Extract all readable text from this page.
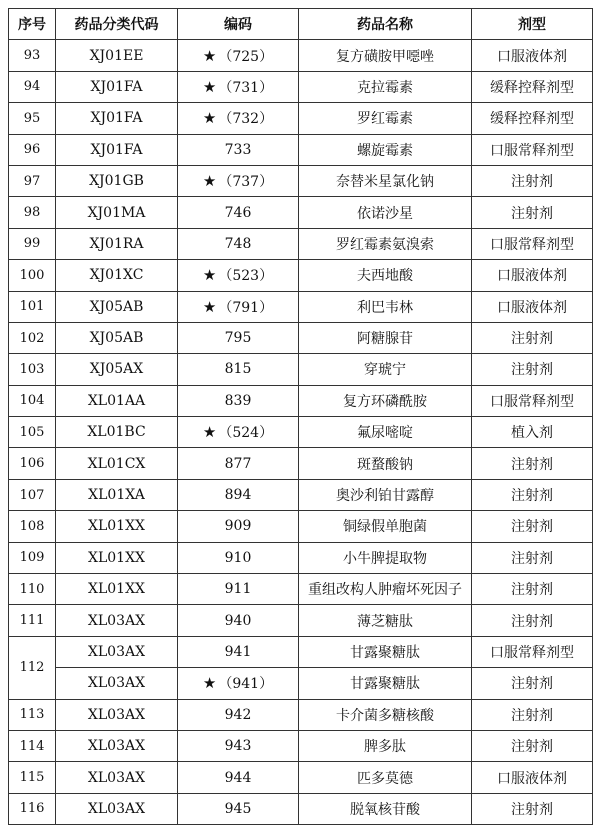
序号	药品分类代码	编码	药品名称	剂型
93	XJ01EE	★ （725）	复方磺胺甲噁唑	口服液体剂
94	XJ01FA	★ （731）	克拉霉素	缓释控释剂型
95	XJ01FA	★ （732）	罗红霉素	缓释控释剂型
96	XJ01FA	733	螺旋霉素	口服常释剂型
97	XJ01GB	★ （737）	奈替米星氯化钠	注射剂
98	XJ01MA	746	依诺沙星	注射剂
99	XJ01RA	748	罗红霉素氨溴索	口服常释剂型
100	XJ01XC	★ （523）	夫西地酸	口服液体剂
101	XJ05AB	★ （791）	利巴韦林	口服液体剂
102	XJ05AB	795	阿糖腺苷	注射剂
103	XJ05AX	815	穿琥宁	注射剂
104	XL01AA	839	复方环磷酰胺	口服常释剂型
105	XL01BC	★ （524）	氟尿嘧啶	植入剂
106	XL01CX	877	斑蝥酸钠	注射剂
107	XL01XA	894	奥沙利铂甘露醇	注射剂
108	XL01XX	909	铜绿假单胞菌	注射剂
109	XL01XX	910	小牛脾提取物	注射剂
110	XL01XX	911	重组改构人肿瘤坏死因子	注射剂
111	XL03AX	940	薄芝糖肽	注射剂
112	XL03AX	941	甘露聚糖肽	口服常释剂型
	XL03AX	★ （941）	甘露聚糖肽	注射剂
113	XL03AX	942	卡介菌多糖核酸	注射剂
114	XL03AX	943	脾多肽	注射剂
115	XL03AX	944	匹多莫德	口服液体剂
116	XL03AX	945	脱氧核苷酸	注射剂
